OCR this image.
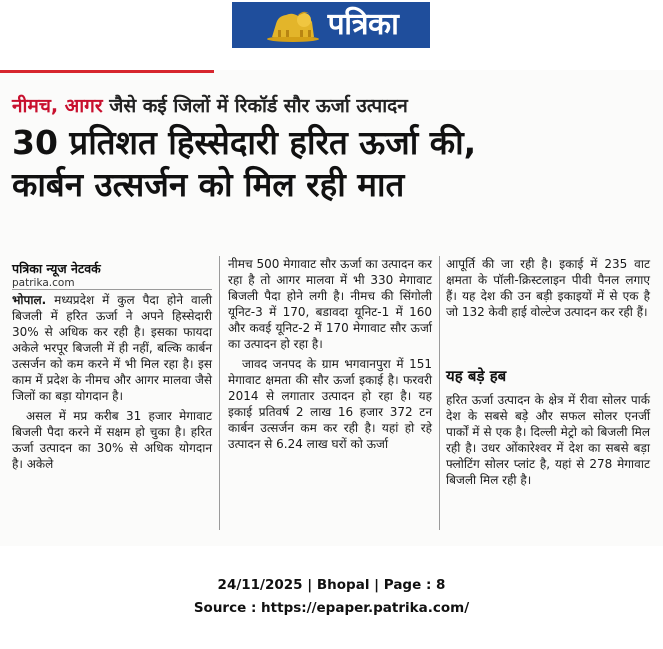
पत्रिका
नीमच, आगर जैसे कई जिलों में रिकॉर्ड सौर ऊर्जा उत्पादन
30 प्रतिशत हिस्सेदारी हरित ऊर्जा की,
कार्बन उत्सर्जन को मिल रही मात
पत्रिका न्यूज नेटवर्क
patrika.com

भोपाल. मध्यप्रदेश में कुल पैदा होने वाली बिजली में हरित ऊर्जा ने अपने हिस्सेदारी 30% से अधिक कर रही है। इसका फायदा अकेले भरपूर बिजली में ही नहीं, बल्कि कार्बन उत्सर्जन को कम करने में भी मिल रहा है। इस काम में प्रदेश के नीमच और आगर मालवा जैसे जिलों का बड़ा योगदान है।

असल में मप्र करीब 31 हजार मेगावाट बिजली पैदा करने में सक्षम हो चुका है। हरित ऊर्जा उत्पादन का 30% से अधिक योगदान है। अकेले

नीमच 500 मेगावाट सौर ऊर्जा का उत्पादन कर रहा है तो आगर मालवा में भी 330 मेगावाट बिजली पैदा होने लगी है। नीमच की सिंगोली यूनिट-3 में 170, बडावदा यूनिट-1 में 160 और कवई यूनिट-2 में 170 मेगावाट सौर ऊर्जा का उत्पादन हो रहा है।

जावद जनपद के ग्राम भगवानपुरा में 151 मेगावाट क्षमता की सौर ऊर्जा इकाई है। फरवरी 2014 से लगातार उत्पादन हो रहा है। यह इकाई प्रतिवर्ष 2 लाख 16 हजार 372 टन कार्बन उत्सर्जन कम कर रही है। यहां हो रहे उत्पादन से 6.24 लाख घरों को ऊर्जा

आपूर्ति की जा रही है। इकाई में 235 वाट क्षमता के पॉली-क्रिस्टलाइन पीवी पैनल लगाए हैं। यह देश की उन बड़ी इकाइयों में से एक है जो 132 केवी हाई वोल्टेज उत्पादन कर रही हैं।

यह बड़े हब

हरित ऊर्जा उत्पादन के क्षेत्र में रीवा सोलर पार्क देश के सबसे बड़े और सफल सोलर एनर्जी पार्कों में से एक है। दिल्ली मेट्रो को बिजली मिल रही है। उधर ओंकारेश्वर में देश का सबसे बड़ा फ्लोटिंग सोलर प्लांट है, यहां से 278 मेगावाट बिजली मिल रही है।

24/11/2025 | Bhopal | Page : 8
Source : https://epaper.patrika.com/
